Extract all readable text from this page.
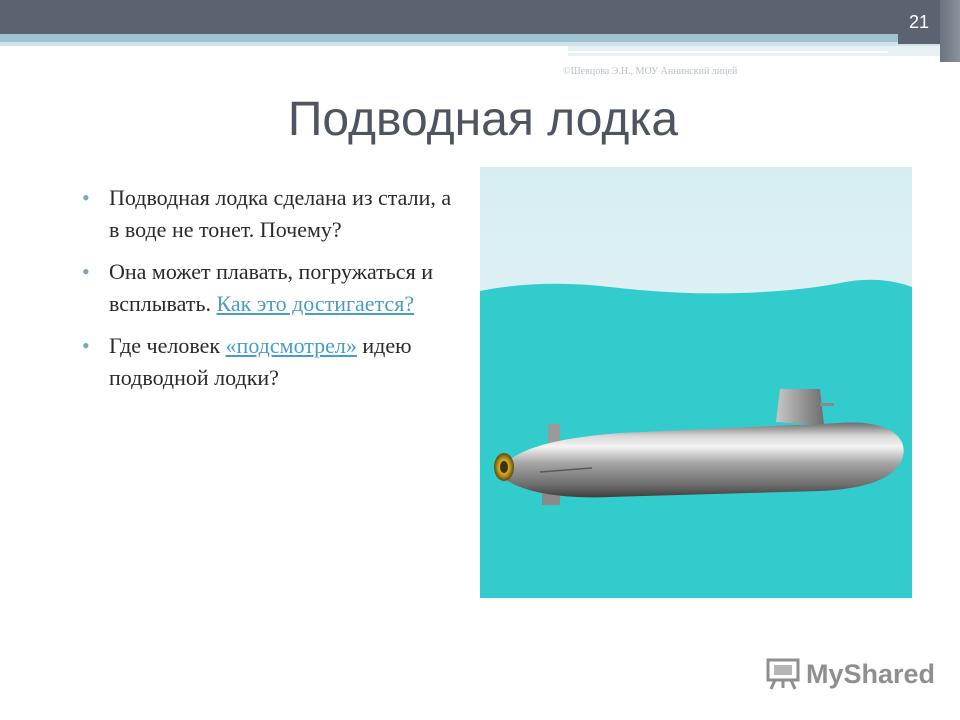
21
©Шевцова Э.Н., МОУ Аннинский лицей
Подводная лодка
• Подводная лодка сделана из стали, а в воде не тонет. Почему?
• Она может плавать, погружаться и всплывать. Как это достигается?
• Где человек «подсмотрел» идею подводной лодки?
MyShared
